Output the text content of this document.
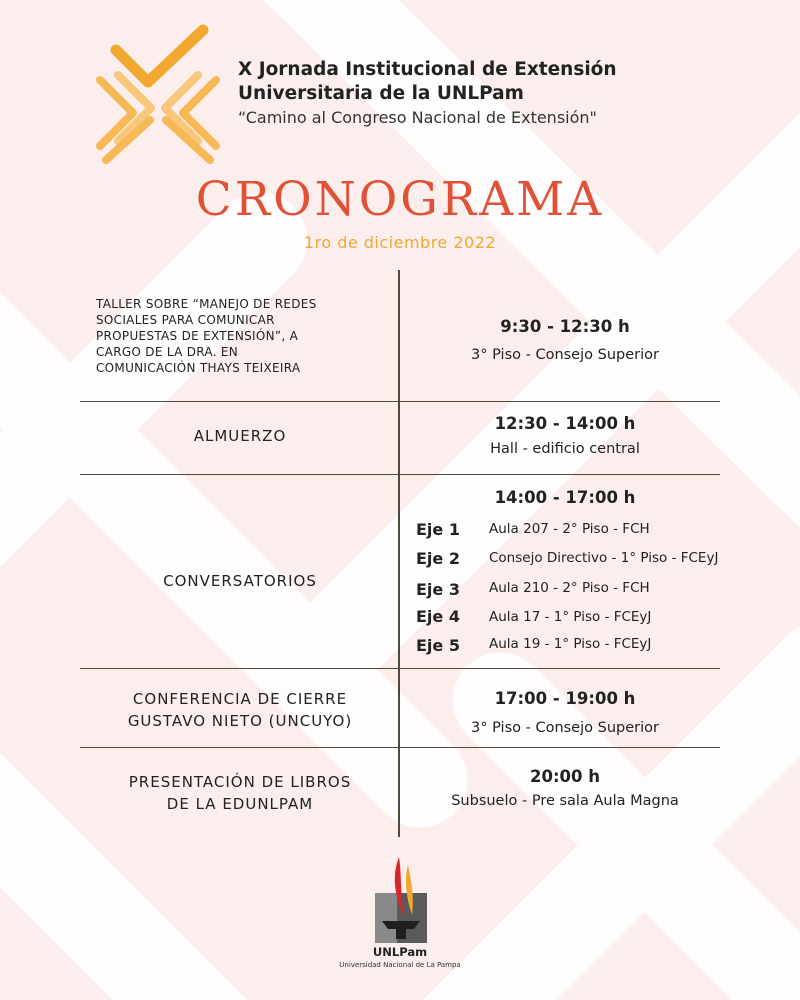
X Jornada Institucional de Extensión
Universitaria de la UNLPam
“Camino al Congreso Nacional de Extensión"
CRONOGRAMA
1ro de diciembre 2022
TALLER SOBRE “MANEJO DE REDES
SOCIALES PARA COMUNICAR
PROPUESTAS DE EXTENSIÓN”, A
CARGO DE LA DRA. EN
COMUNICACIÓN THAYS TEIXEIRA
9:30 - 12:30 h
3° Piso - Consejo Superior
ALMUERZO
12:30 - 14:00 h
Hall - edificio central
CONVERSATORIOS
14:00 - 17:00 h
Eje 1 Aula 207 - 2° Piso - FCH
Eje 2 Consejo Directivo - 1° Piso - FCEyJ
Eje 3 Aula 210 - 2° Piso - FCH
Eje 4 Aula 17 - 1° Piso - FCEyJ
Eje 5 Aula 19 - 1° Piso - FCEyJ
CONFERENCIA DE CIERRE
GUSTAVO NIETO (UNCUYO)
17:00 - 19:00 h
3° Piso - Consejo Superior
PRESENTACIÓN DE LIBROS
DE LA EDUNLPAM
20:00 h
Subsuelo - Pre sala Aula Magna
UNLPam
Universidad Nacional de La Pampa
